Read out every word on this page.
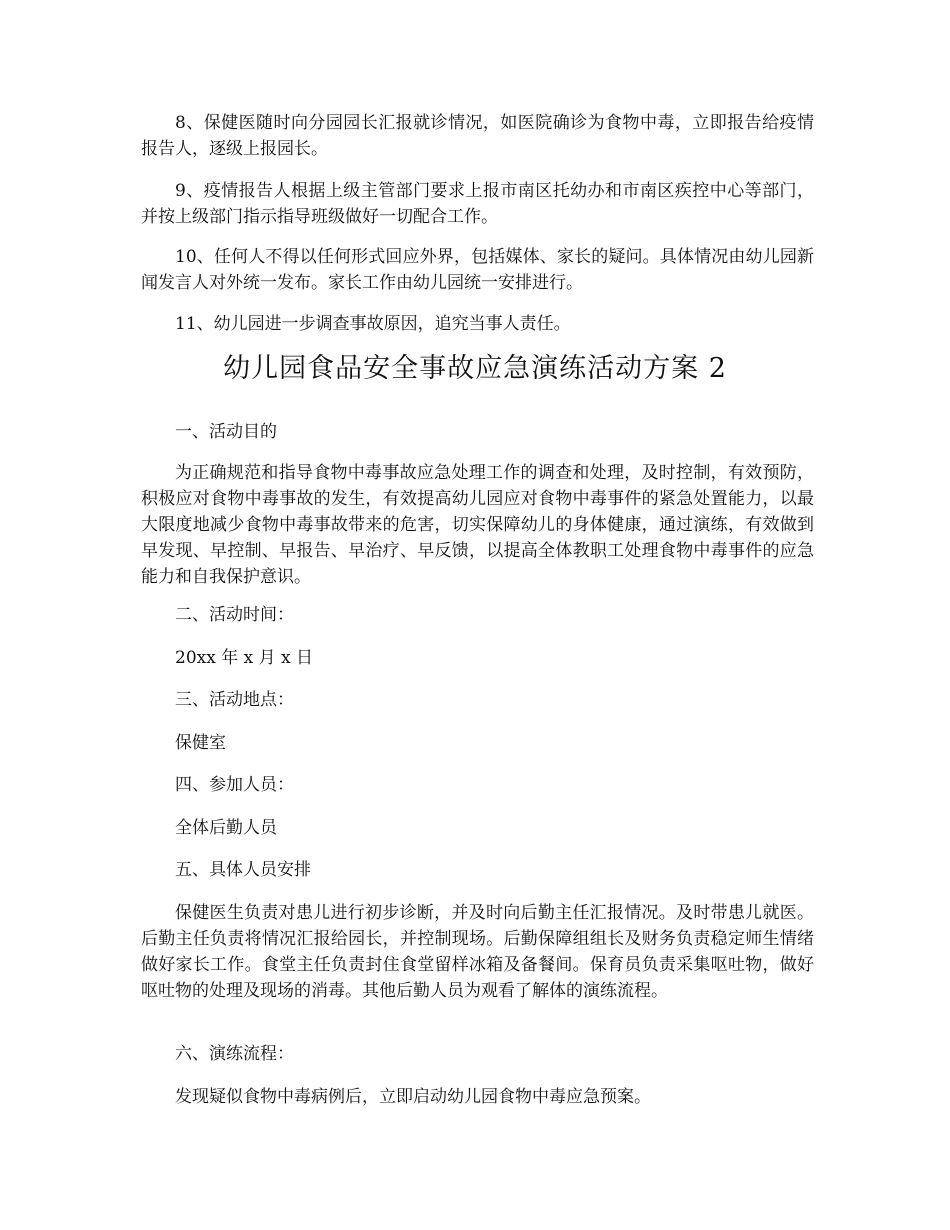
8、保健医随时向分园园长汇报就诊情况，如医院确诊为食物中毒，立即报告给疫情报告人，逐级上报园长。

9、疫情报告人根据上级主管部门要求上报市南区托幼办和市南区疾控中心等部门，并按上级部门指示指导班级做好一切配合工作。

10、任何人不得以任何形式回应外界，包括媒体、家长的疑问。具体情况由幼儿园新闻发言人对外统一发布。家长工作由幼儿园统一安排进行。

11、幼儿园进一步调查事故原因，追究当事人责任。

幼儿园食品安全事故应急演练活动方案 2

一、活动目的

为正确规范和指导食物中毒事故应急处理工作的调查和处理，及时控制，有效预防，积极应对食物中毒事故的发生，有效提高幼儿园应对食物中毒事件的紧急处置能力，以最大限度地减少食物中毒事故带来的危害，切实保障幼儿的身体健康，通过演练，有效做到早发现、早控制、早报告、早治疗、早反馈，以提高全体教职工处理食物中毒事件的应急能力和自我保护意识。

二、活动时间：

20xx 年 x 月 x 日

三、活动地点：

保健室

四、参加人员：

全体后勤人员

五、具体人员安排

保健医生负责对患儿进行初步诊断，并及时向后勤主任汇报情况。及时带患儿就医。后勤主任负责将情况汇报给园长，并控制现场。后勤保障组组长及财务负责稳定师生情绪做好家长工作。食堂主任负责封住食堂留样冰箱及备餐间。保育员负责采集呕吐物，做好呕吐物的处理及现场的消毒。其他后勤人员为观看了解体的演练流程。

六、演练流程：

发现疑似食物中毒病例后，立即启动幼儿园食物中毒应急预案。
